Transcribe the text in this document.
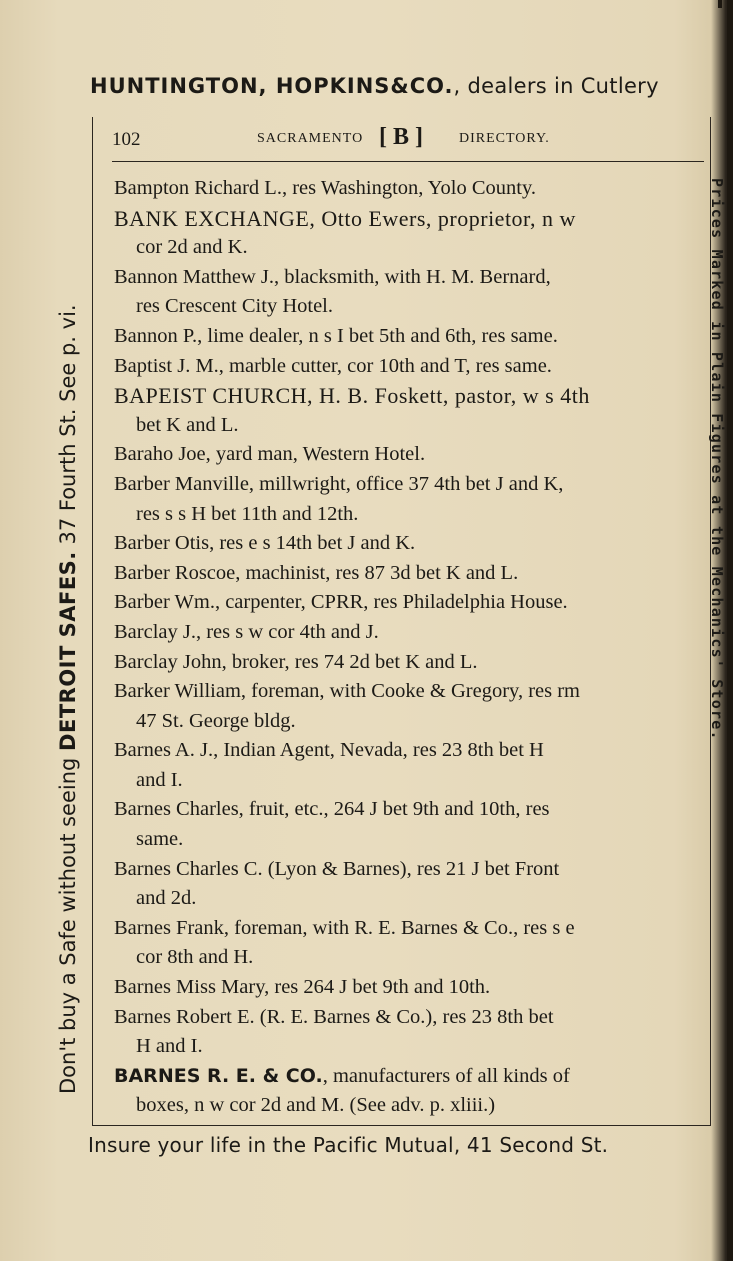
HUNTINGTON, HOPKINS&CO., dealers in Cutlery
102	SACRAMENTO [ B ]	DIRECTORY.
Bampton Richard L., res Washington, Yolo County.
BANK EXCHANGE, Otto Ewers, proprietor, n w
cor 2d and K.
Bannon Matthew J., blacksmith, with H. M. Bernard,
res Crescent City Hotel.
Bannon P., lime dealer, n s I bet 5th and 6th, res same.
Baptist J. M., marble cutter, cor 10th and T, res same.
BAPEIST CHURCH, H. B. Foskett, pastor, w s 4th
bet K and L.
Baraho Joe, yard man, Western Hotel.
Barber Manville, millwright, office 37 4th bet J and K,
res s s H bet 11th and 12th.
Barber Otis, res e s 14th bet J and K.
Barber Roscoe, machinist, res 87 3d bet K and L.
Barber Wm., carpenter, CPRR, res Philadelphia House.
Barclay J., res s w cor 4th and J.
Barclay John, broker, res 74 2d bet K and L.
Barker William, foreman, with Cooke & Gregory, res rm
47 St. George bldg.
Barnes A. J., Indian Agent, Nevada, res 23 8th bet H
and I.
Barnes Charles, fruit, etc., 264 J bet 9th and 10th, res
same.
Barnes Charles C. (Lyon & Barnes), res 21 J bet Front
and 2d.
Barnes Frank, foreman, with R. E. Barnes & Co., res s e
cor 8th and H.
Barnes Miss Mary, res 264 J bet 9th and 10th.
Barnes Robert E. (R. E. Barnes & Co.), res 23 8th bet
H and I.
BARNES R. E. & CO., manufacturers of all kinds of
boxes, n w cor 2d and M. (See adv. p. xliii.)
Don't buy a Safe without seeing DETROIT SAFES. 37 Fourth St. See p. vi.	Prices Marked in Plain Figures at the Mechanics' Store.
Insure your life in the Pacific Mutual, 41 Second St.
